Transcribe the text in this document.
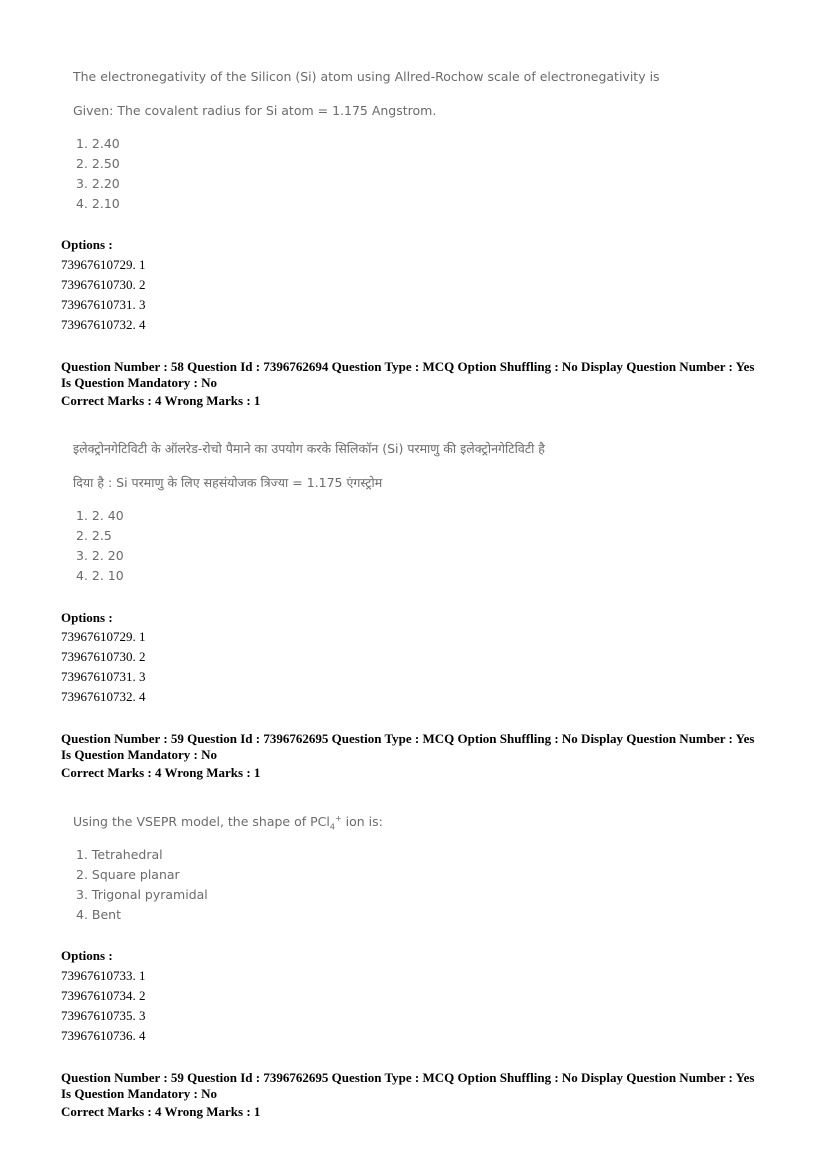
The electronegativity of the Silicon (Si) atom using Allred-Rochow scale of electronegativity is
Given: The covalent radius for Si atom = 1.175 Angstrom.
1. 2.40
2. 2.50
3. 2.20
4. 2.10
Options :
73967610729. 1
73967610730. 2
73967610731. 3
73967610732. 4
Question Number : 58 Question Id : 7396762694 Question Type : MCQ Option Shuffling : No Display Question Number : Yes
Is Question Mandatory : No
Correct Marks : 4 Wrong Marks : 1
इलेक्ट्रोनगेटिविटी के ऑलरेड-रोचो पैमाने का उपयोग करके सिलिकॉन (Si) परमाणु की इलेक्ट्रोनगेटिविटी है
दिया है : Si परमाणु के लिए सहसंयोजक त्रिज्या = 1.175 एंगस्ट्रोम
1. 2. 40
2. 2.5
3. 2. 20
4. 2. 10
Options :
73967610729. 1
73967610730. 2
73967610731. 3
73967610732. 4
Question Number : 59 Question Id : 7396762695 Question Type : MCQ Option Shuffling : No Display Question Number : Yes
Is Question Mandatory : No
Correct Marks : 4 Wrong Marks : 1
Using the VSEPR model, the shape of PCl$_4$+ ion is:
1. Tetrahedral
2. Square planar
3. Trigonal pyramidal
4. Bent
Options :
73967610733. 1
73967610734. 2
73967610735. 3
73967610736. 4
Question Number : 59 Question Id : 7396762695 Question Type : MCQ Option Shuffling : No Display Question Number : Yes
Is Question Mandatory : No
Correct Marks : 4 Wrong Marks : 1
